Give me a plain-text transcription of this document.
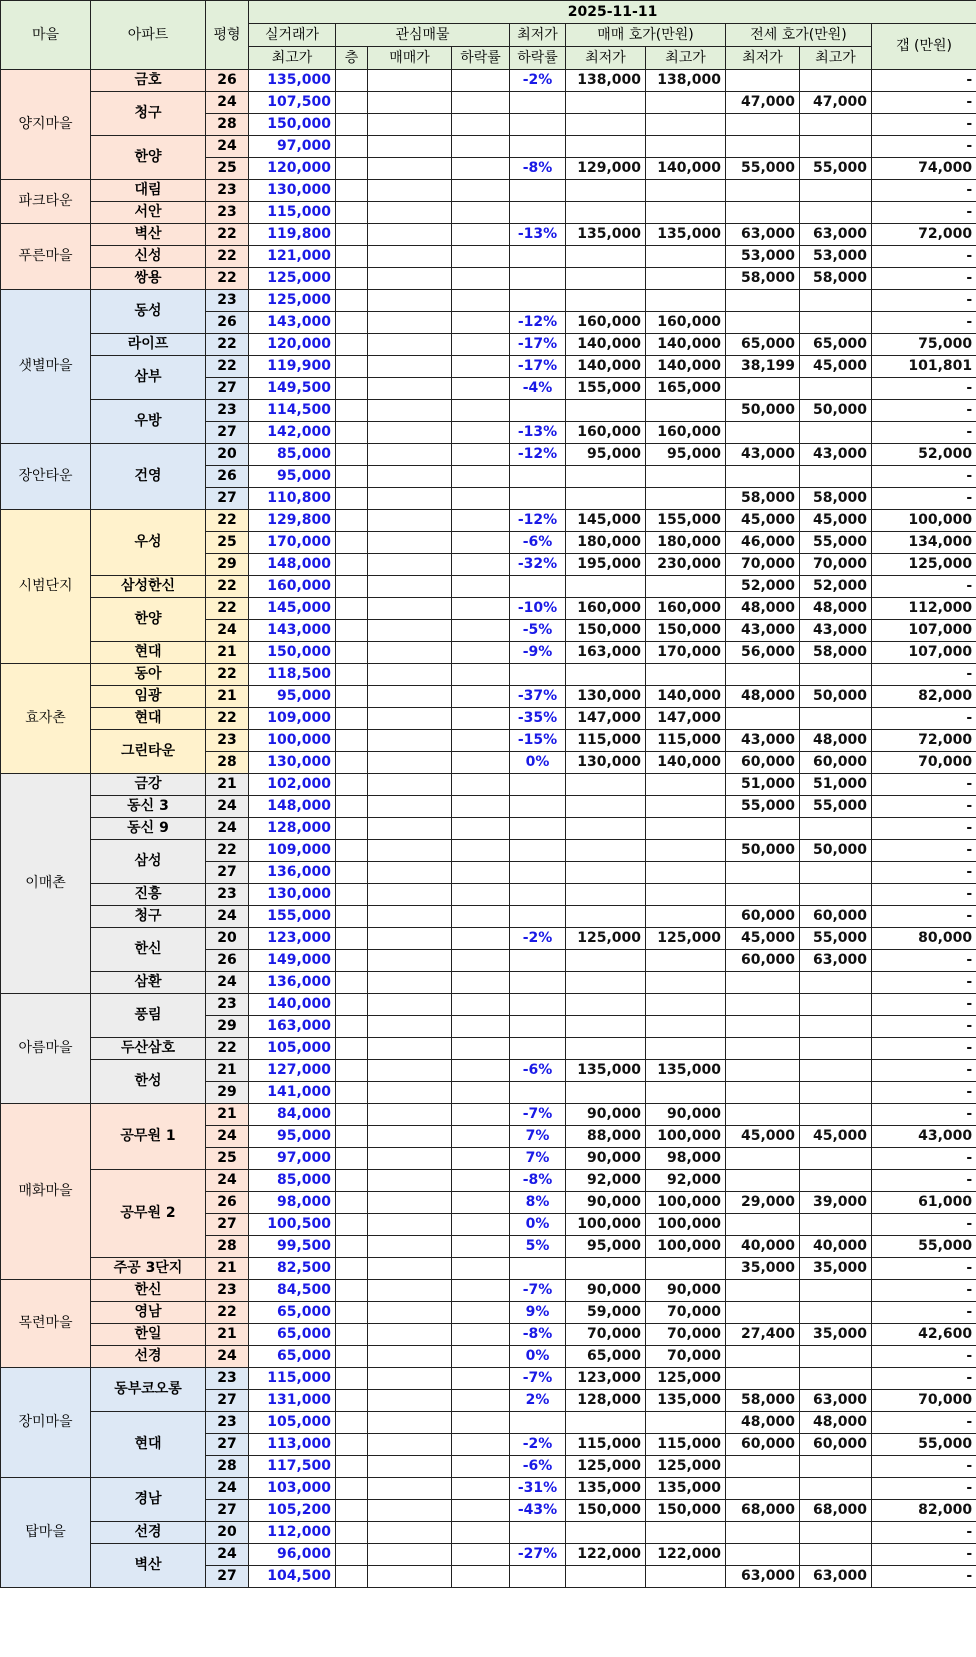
마을	아파트	평형	2025-11-11									
			실거래가	관심매물			최저가	매매 호가(만원)		전세 호가(만원)		갭 (만원)
			최고가	층	매매가	하락률	하락률	최저가	최고가	최저가	최고가	
양지마을	금호	26	135,000				-2%	138,000	138,000			-
	청구	24	107,500							47,000	47,000	-
		28	150,000									-
	한양	24	97,000									-
		25	120,000				-8%	129,000	140,000	55,000	55,000	74,000
파크타운	대림	23	130,000									-
	서안	23	115,000									-
푸른마을	벽산	22	119,800				-13%	135,000	135,000	63,000	63,000	72,000
	신성	22	121,000							53,000	53,000	-
	쌍용	22	125,000							58,000	58,000	-
샛별마을	동성	23	125,000									-
		26	143,000				-12%	160,000	160,000			-
	라이프	22	120,000				-17%	140,000	140,000	65,000	65,000	75,000
	삼부	22	119,900				-17%	140,000	140,000	38,199	45,000	101,801
		27	149,500				-4%	155,000	165,000			-
	우방	23	114,500							50,000	50,000	-
		27	142,000				-13%	160,000	160,000			-
장안타운	건영	20	85,000				-12%	95,000	95,000	43,000	43,000	52,000
		26	95,000									-
		27	110,800							58,000	58,000	-
시범단지	우성	22	129,800				-12%	145,000	155,000	45,000	45,000	100,000
		25	170,000				-6%	180,000	180,000	46,000	55,000	134,000
		29	148,000				-32%	195,000	230,000	70,000	70,000	125,000
	삼성한신	22	160,000							52,000	52,000	-
	한양	22	145,000				-10%	160,000	160,000	48,000	48,000	112,000
		24	143,000				-5%	150,000	150,000	43,000	43,000	107,000
	현대	21	150,000				-9%	163,000	170,000	56,000	58,000	107,000
효자촌	동아	22	118,500									-
	임광	21	95,000				-37%	130,000	140,000	48,000	50,000	82,000
	현대	22	109,000				-35%	147,000	147,000			-
	그린타운	23	100,000				-15%	115,000	115,000	43,000	48,000	72,000
		28	130,000				0%	130,000	140,000	60,000	60,000	70,000
이매촌	금강	21	102,000							51,000	51,000	-
	동신 3	24	148,000							55,000	55,000	-
	동신 9	24	128,000									-
	삼성	22	109,000							50,000	50,000	-
		27	136,000									-
	진흥	23	130,000									-
	청구	24	155,000							60,000	60,000	-
	한신	20	123,000				-2%	125,000	125,000	45,000	55,000	80,000
		26	149,000							60,000	63,000	-
	삼환	24	136,000									-
아름마을	풍림	23	140,000									-
		29	163,000									-
	두산삼호	22	105,000									-
	한성	21	127,000				-6%	135,000	135,000			-
		29	141,000									-
매화마을	공무원 1	21	84,000				-7%	90,000	90,000			-
		24	95,000				7%	88,000	100,000	45,000	45,000	43,000
		25	97,000				7%	90,000	98,000			-
	공무원 2	24	85,000				-8%	92,000	92,000			-
		26	98,000				8%	90,000	100,000	29,000	39,000	61,000
		27	100,500				0%	100,000	100,000			-
		28	99,500				5%	95,000	100,000	40,000	40,000	55,000
	주공 3단지	21	82,500							35,000	35,000	-
목련마을	한신	23	84,500				-7%	90,000	90,000			-
	영남	22	65,000				9%	59,000	70,000			-
	한일	21	65,000				-8%	70,000	70,000	27,400	35,000	42,600
	선경	24	65,000				0%	65,000	70,000			-
장미마을	동부코오롱	23	115,000				-7%	123,000	125,000			-
		27	131,000				2%	128,000	135,000	58,000	63,000	70,000
	현대	23	105,000							48,000	48,000	-
		27	113,000				-2%	115,000	115,000	60,000	60,000	55,000
		28	117,500				-6%	125,000	125,000			-
탑마을	경남	24	103,000				-31%	135,000	135,000			-
		27	105,200				-43%	150,000	150,000	68,000	68,000	82,000
	선경	20	112,000									-
	벽산	24	96,000				-27%	122,000	122,000			-
		27	104,500							63,000	63,000	-
